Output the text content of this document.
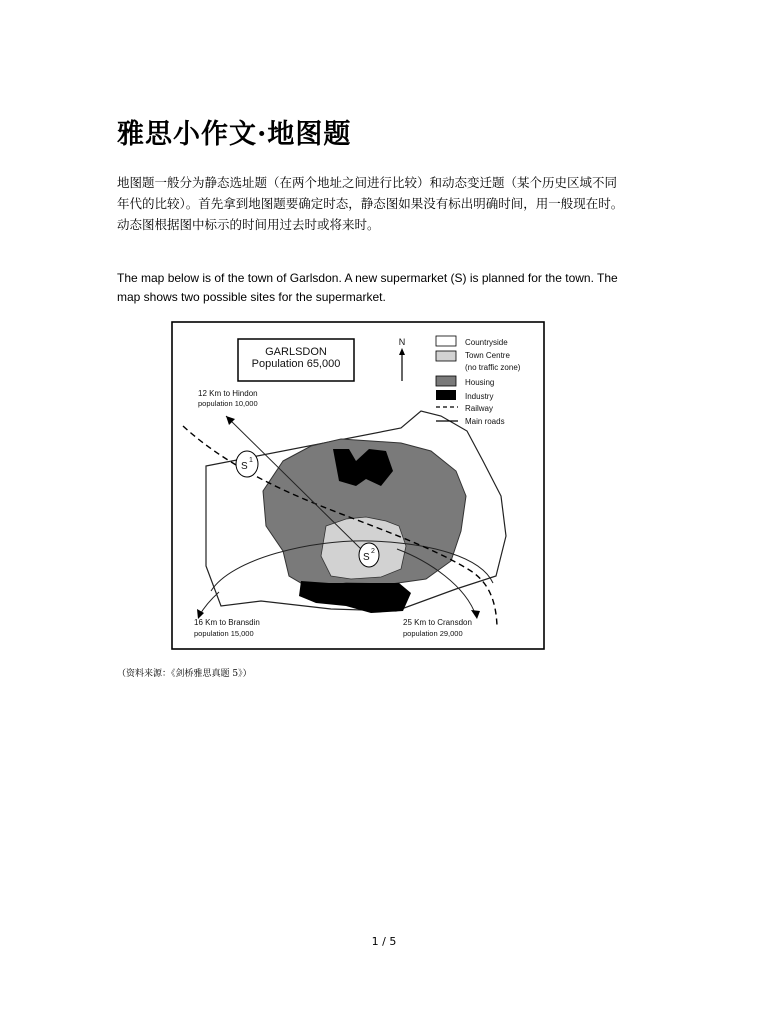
雅思小作文·地图题

地图题一般分为静态选址题（在两个地址之间进行比较）和动态变迁题（某个历史区域不同

年代的比较）。首先拿到地图题要确定时态，静态图如果没有标出明确时间，用一般现在时。

动态图根据图中标示的时间用过去时或将来时。

The map below is of the town of Garlsdon. A new supermarket (S) is planned for the town. The
map shows two possible sites for the supermarket.
GARLSDON
Population 65,000
N	Countryside
Town Centre
(no traffic zone)
Housing
Industry
Railway
Main roads
12 Km to Hindon
population 10,000
S
1
S
2
16 Km to Bransdin
population 15,000
25 Km to Cransdon
population 29,000
（资料来源：《剑桥雅思真题 5》）
1 / 5
